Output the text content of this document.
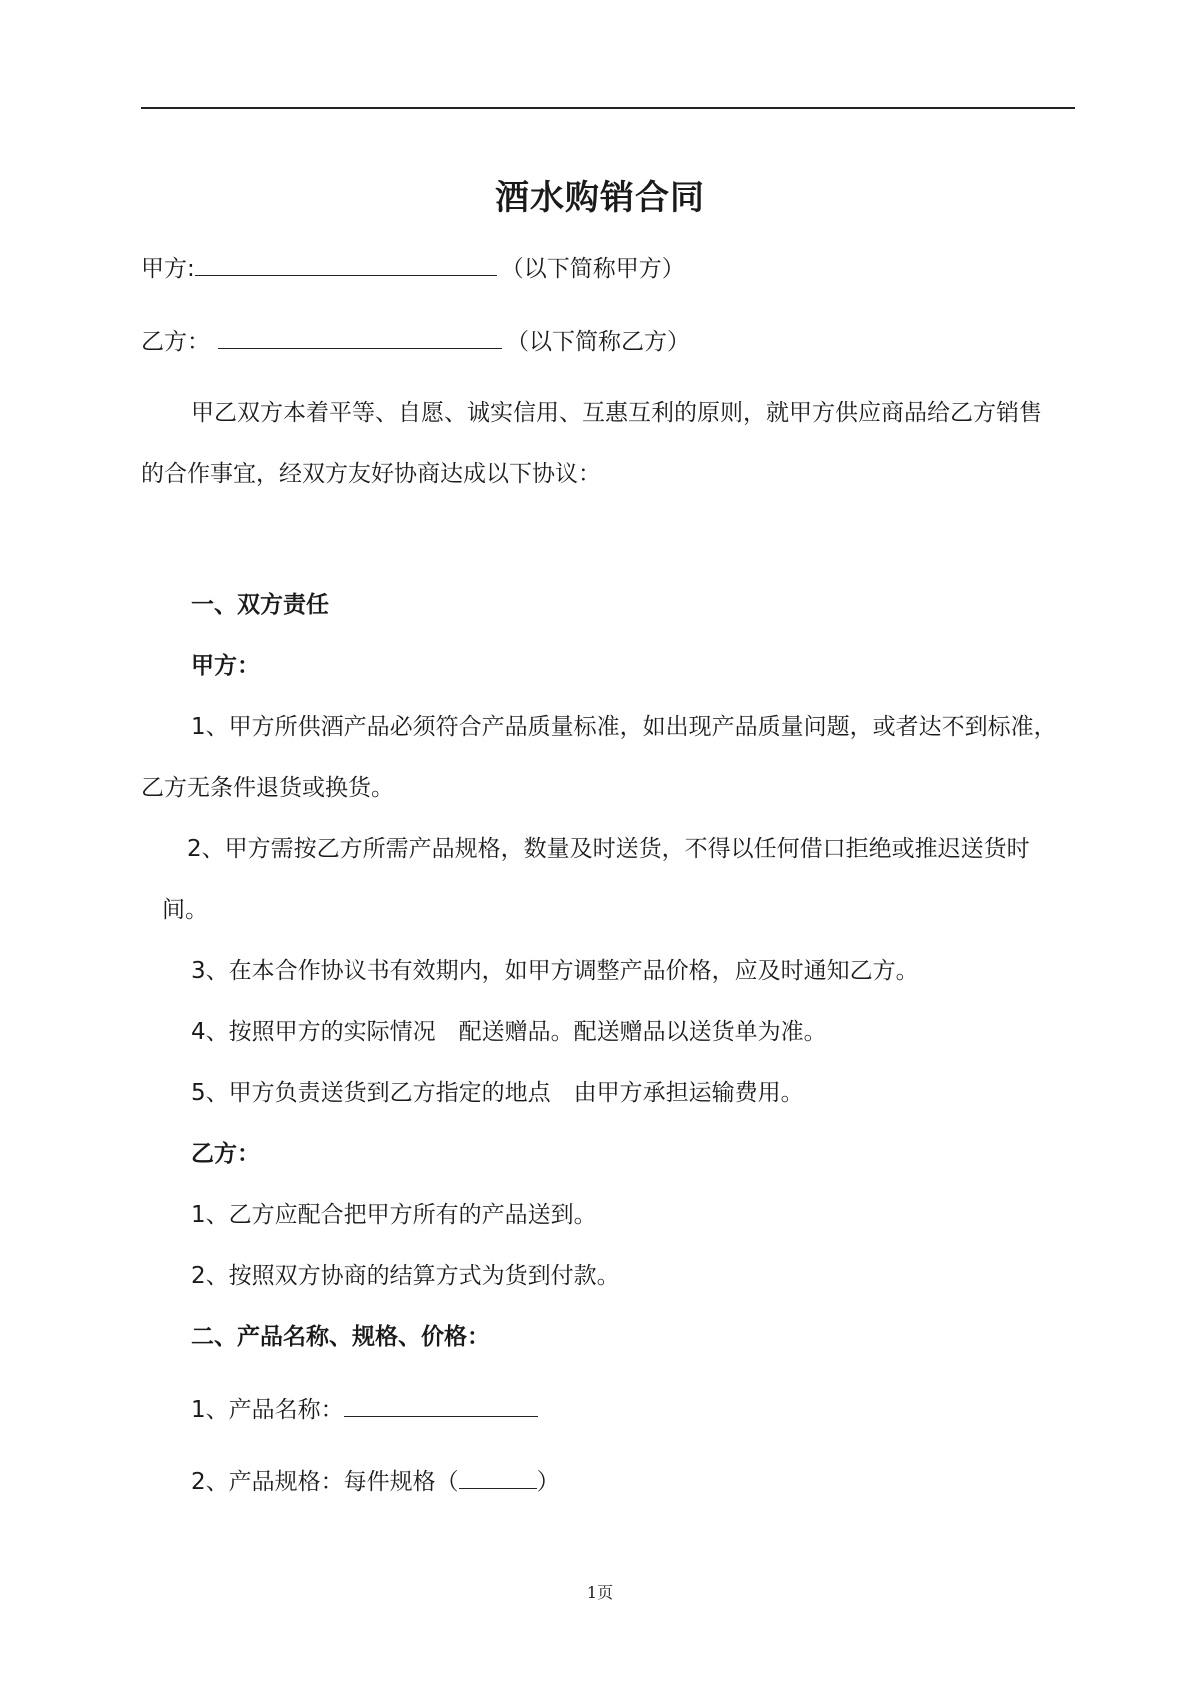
酒水购销合同
甲方:	（以下简称甲方）
乙方：	（以下简称乙方）
甲乙双方本着平等、自愿、诚实信用、互惠互利的原则，就甲方供应商品给乙方销售
的合作事宜，经双方友好协商达成以下协议：
一、双方责任
甲方：
1、甲方所供酒产品必须符合产品质量标准，如出现产品质量问题，或者达不到标准，
乙方无条件退货或换货。
2、甲方需按乙方所需产品规格，数量及时送货，不得以任何借口拒绝或推迟送货时
间。
3、在本合作协议书有效期内，如甲方调整产品价格，应及时通知乙方。
4、按照甲方的实际情况　配送赠品。配送赠品以送货单为准。
5、甲方负责送货到乙方指定的地点　由甲方承担运输费用。
乙方：
1、乙方应配合把甲方所有的产品送到。
2、按照双方协商的结算方式为货到付款。
二、产品名称、规格、价格：
1、产品名称：
2、产品规格：每件规格（	）
1页
